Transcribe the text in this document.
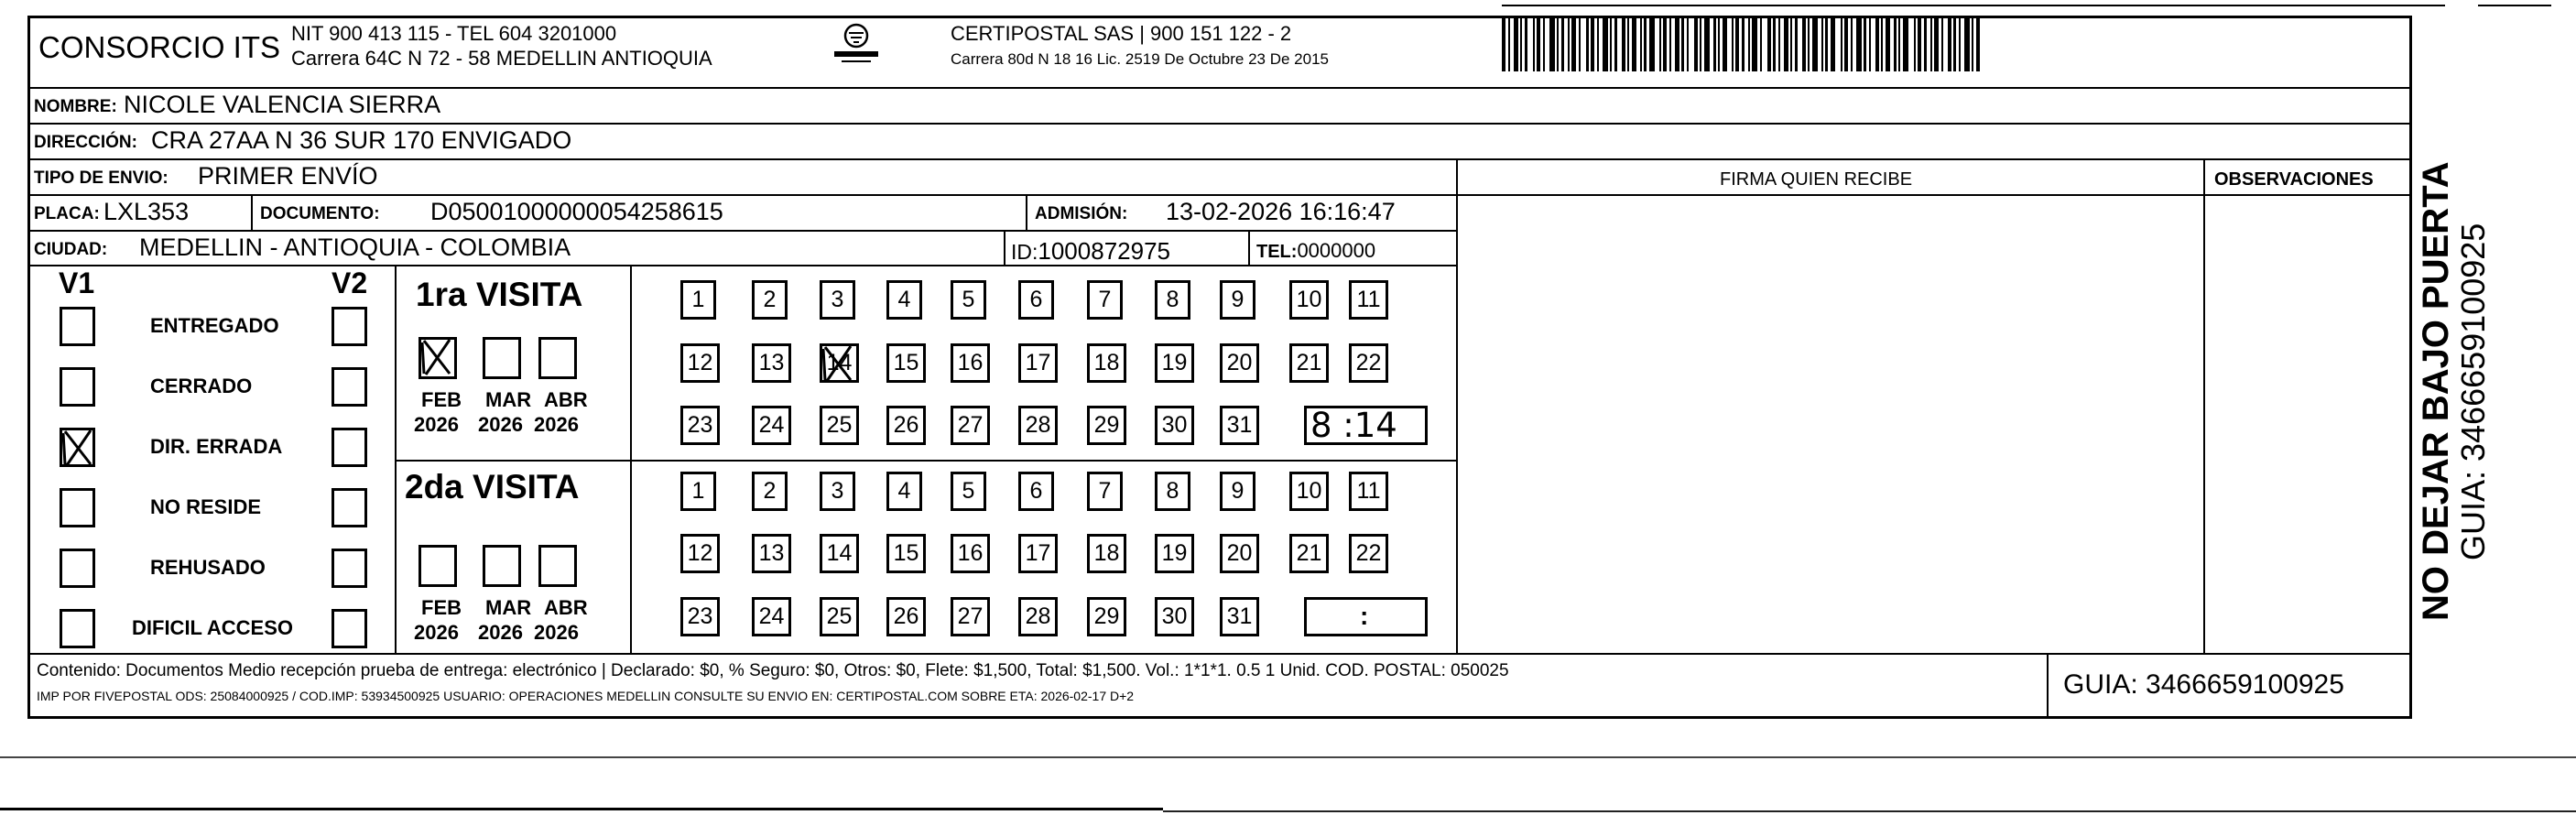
CONSORCIO ITS NIT 900 413 115 - TEL 604 3201000
Carrera 64C N 72 - 58 MEDELLIN ANTIOQUIA
CERTIPOSTAL SAS | 900 151 122 - 2
Carrera 80d N 18 16 Lic. 2519 De Octubre 23 De 2015
NOMBRE: NICOLE VALENCIA SIERRA
DIRECCIÓN: CRA 27AA N 36 SUR 170 ENVIGADO
TIPO DE ENVIO: PRIMER ENVÍO	FIRMA QUIEN RECIBE	OBSERVACIONES
PLACA: LXL353	DOCUMENTO: D05001000000054258615	ADMISIÓN: 13-02-2026 16:16:47
CIUDAD: MEDELLIN - ANTIOQUIA - COLOMBIA	ID:1000872975	TEL:0000000
V1	V2
ENTREGADO
CERRADO
DIR. ERRADA
NO RESIDE
REHUSADO
DIFICIL ACCESO
1ra VISITA
2da VISITA
FEB
2026
MAR
2026
ABR
2026
FEB
2026
MAR
2026
ABR
2026
1	2 3 4 5 6 7 8 9 10 11
12 13 14 15 16 17 18 19 20 21 22
23 24 25 26 27 28 29 30 31
1	2 3 4 5 6 7 8 9 10 11
12 13 14 15 16 17 18 19 20 21 22
23 24 25 26 27 28 29 30 31
8 :14
:
Contenido: Documentos Medio recepción prueba de entrega: electrónico | Declarado: $0, % Seguro: $0, Otros: $0, Flete: $1,500, Total: $1,500. Vol.: 1*1*1. 0.5 1 Unid. COD. POSTAL: 050025
IMP POR FIVEPOSTAL ODS: 25084000925 / COD.IMP: 53934500925 USUARIO: OPERACIONES MEDELLIN CONSULTE SU ENVIO EN: CERTIPOSTAL.COM SOBRE ETA: 2026-02-17 D+2	GUIA: 3466659100925
NO DEJAR BAJO PUERTA
GUIA: 3466659100925
